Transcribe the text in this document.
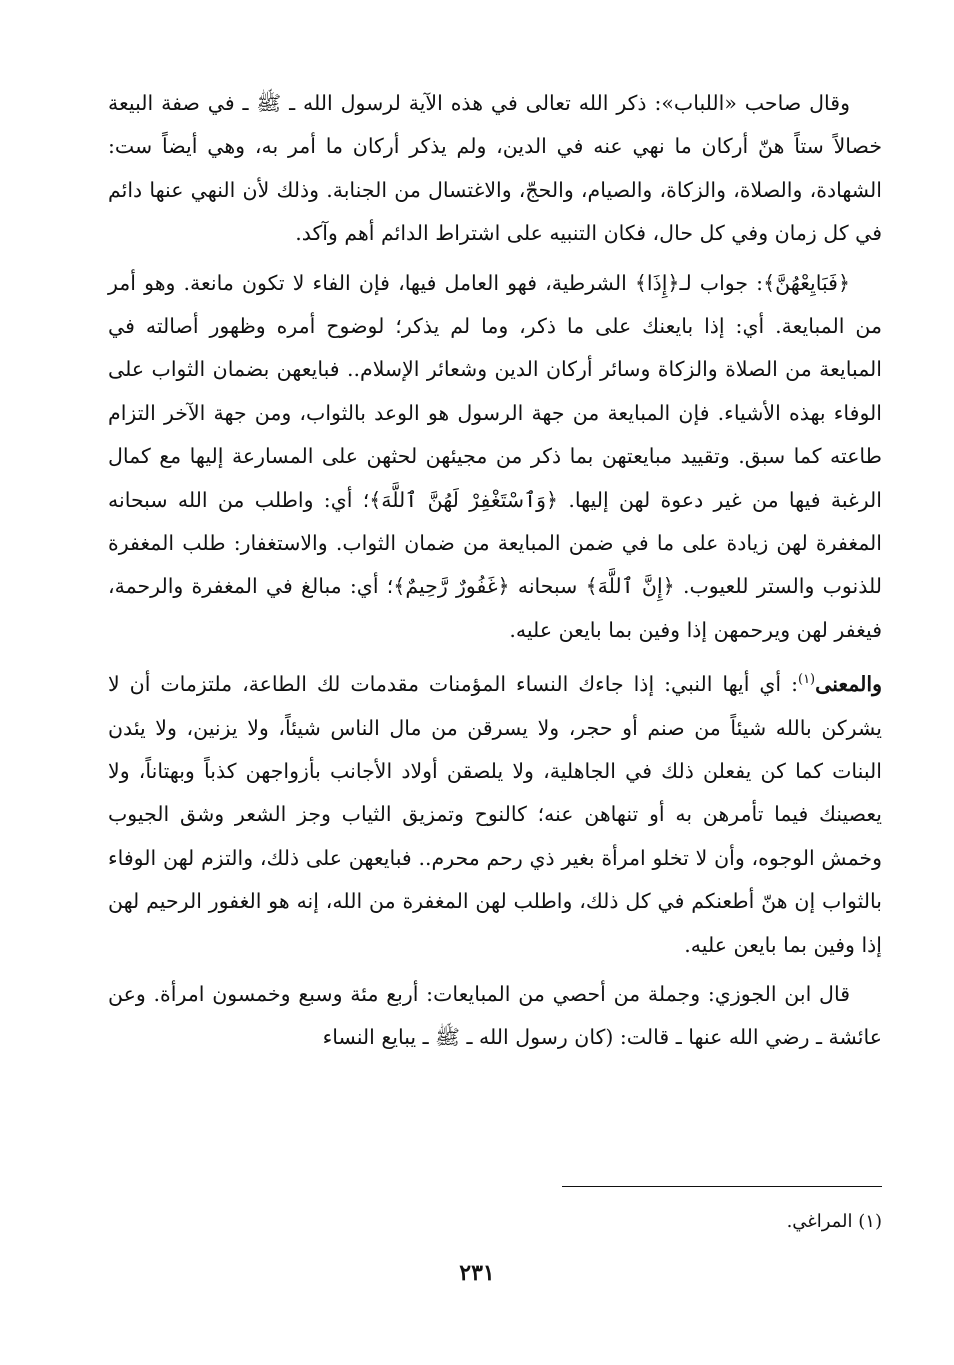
وقال صاحب «اللباب»: ذكر الله تعالى في هذه الآية لرسول الله ـ ﷺ ـ في صفة البيعة خصالاً ستاً هنّ أركان ما نهي عنه في الدين، ولم يذكر أركان ما أمر به، وهي أيضاً ست: الشهادة، والصلاة، والزكاة، والصيام، والحجّ، والاغتسال من الجنابة. وذلك لأن النهي عنها دائم في كل زمان وفي كل حال، فكان التنبيه على اشتراط الدائم أهم وآكد.

﴿فَبَايِعْهُنَّ﴾: جواب لـ﴿إِذَا﴾ الشرطية، فهو العامل فيها، فإن الفاء لا تكون مانعة. وهو أمر من المبايعة. أي: إذا بايعنك على ما ذكر، وما لم يذكر؛ لوضوح أمره وظهور أصالته في المبايعة من الصلاة والزكاة وسائر أركان الدين وشعائر الإسلام.. فبايعهن بضمان الثواب على الوفاء بهذه الأشياء. فإن المبايعة من جهة الرسول هو الوعد بالثواب، ومن جهة الآخر التزام طاعته كما سبق. وتقييد مبايعتهن بما ذكر من مجيئهن لحثهن على المسارعة إليها مع كمال الرغبة فيها من غير دعوة لهن إليها. ﴿وَٱسْتَغْفِرْ لَهُنَّ ٱللَّهَ﴾؛ أي: واطلب من الله سبحانه المغفرة لهن زيادة على ما في ضمن المبايعة من ضمان الثواب. والاستغفار: طلب المغفرة للذنوب والستر للعيوب. ﴿إِنَّ ٱللَّهَ﴾ سبحانه ﴿غَفُورٌ رَّحِيمٌ﴾؛ أي: مبالغ في المغفرة والرحمة، فيغفر لهن ويرحمهن إذا وفين بما بايعن عليه.

والمعنى$^{(١)}$: أي أيها النبي: إذا جاءك النساء المؤمنات مقدمات لك الطاعة، ملتزمات أن لا يشركن بالله شيئاً من صنم أو حجر، ولا يسرقن من مال الناس شيئاً، ولا يزنين، ولا يئدن البنات كما كن يفعلن ذلك في الجاهلية، ولا يلصقن أولاد الأجانب بأزواجهن كذباً وبهتاناً، ولا يعصينك فيما تأمرهن به أو تنهاهن عنه؛ كالنوح وتمزيق الثياب وجز الشعر وشق الجيوب وخمش الوجوه، وأن لا تخلو امرأة بغير ذي رحم محرم.. فبايعهن على ذلك، والتزم لهن الوفاء بالثواب إن هنّ أطعنكم في كل ذلك، واطلب لهن المغفرة من الله، إنه هو الغفور الرحيم لهن إذا وفين بما بايعن عليه.

قال ابن الجوزي: وجملة من أحصي من المبايعات: أربع مئة وسبع وخمسون امرأة. وعن عائشة ـ رضي الله عنها ـ قالت: (كان رسول الله ـ ﷺ ـ يبايع النساء

(١) المراغي.
٢٣١
